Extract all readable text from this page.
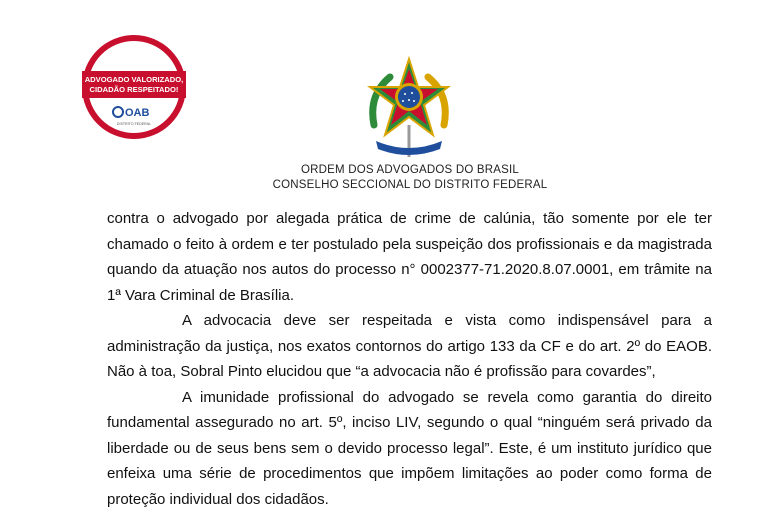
ADVOGADO VALORIZADO,
CIDADÃO RESPEITADO!
OAB
DISTRITO FEDERAL
ORDEM DOS ADVOGADOS DO BRASIL
CONSELHO SECCIONAL DO DISTRITO FEDERAL

contra o advogado por alegada prática de crime de calúnia, tão somente por ele ter chamado o feito à ordem e ter postulado pela suspeição dos profissionais e da magistrada quando da atuação nos autos do processo n° 0002377-71.2020.8.07.0001, em trâmite na 1ª Vara Criminal de Brasília.

A advocacia deve ser respeitada e vista como indispensável para a administração da justiça, nos exatos contornos do artigo 133 da CF e do art. 2º do EAOB. Não à toa, Sobral Pinto elucidou que “a advocacia não é profissão para covardes”,

A imunidade profissional do advogado se revela como garantia do direito fundamental assegurado no art. 5º, inciso LIV, segundo o qual “ninguém será privado da liberdade ou de seus bens sem o devido processo legal”. Este, é um instituto jurídico que enfeixa uma série de procedimentos que impõem limitações ao poder como forma de proteção individual dos cidadãos.
